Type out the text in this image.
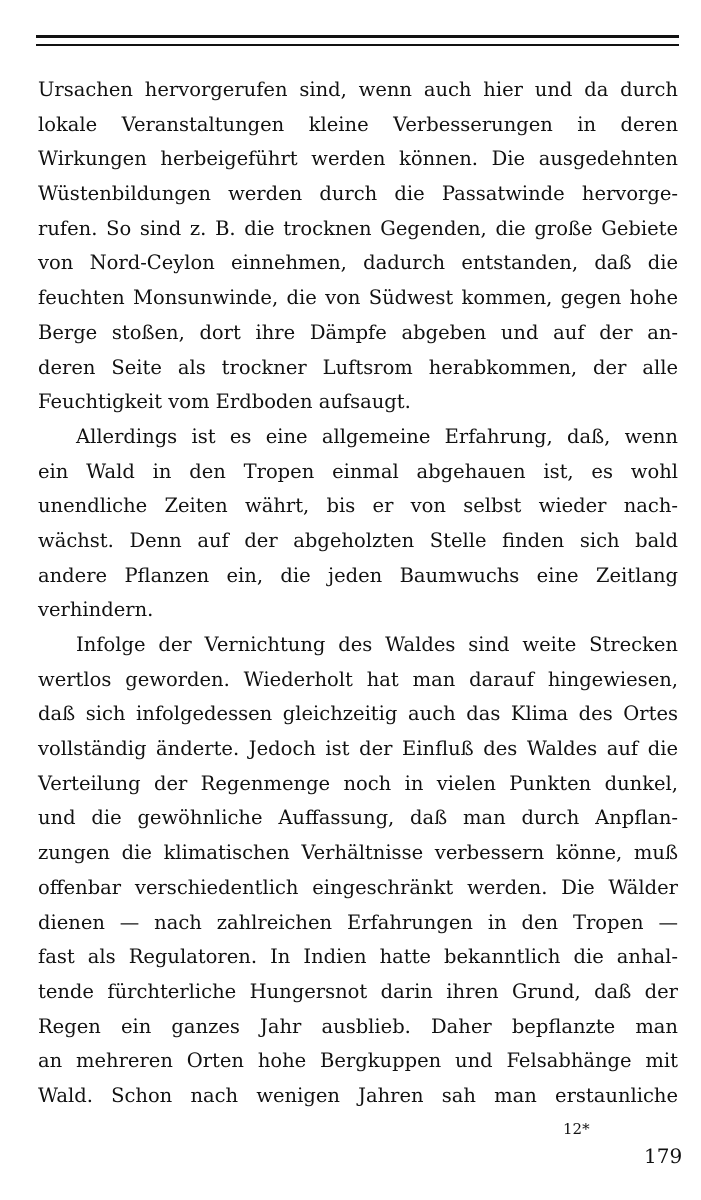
Ursachen hervorgerufen sind, wenn auch hier und da durch
lokale Veranstaltungen kleine Verbesserungen in deren
Wirkungen herbeigeführt werden können. Die ausgedehnten
Wüstenbildungen werden durch die Passatwinde hervorge-
rufen. So sind z. B. die trocknen Gegenden, die große Gebiete
von Nord-Ceylon einnehmen, dadurch entstanden, daß die
feuchten Monsunwinde, die von Südwest kommen, gegen hohe
Berge stoßen, dort ihre Dämpfe abgeben und auf der an-
deren Seite als trockner Luftsrom herabkommen, der alle
Feuchtigkeit vom Erdboden aufsaugt.
Allerdings ist es eine allgemeine Erfahrung, daß, wenn
ein Wald in den Tropen einmal abgehauen ist, es wohl
unendliche Zeiten währt, bis er von selbst wieder nach-
wächst. Denn auf der abgeholzten Stelle finden sich bald
andere Pflanzen ein, die jeden Baumwuchs eine Zeitlang
verhindern.
Infolge der Vernichtung des Waldes sind weite Strecken
wertlos geworden. Wiederholt hat man darauf hingewiesen,
daß sich infolgedessen gleichzeitig auch das Klima des Ortes
vollständig änderte. Jedoch ist der Einfluß des Waldes auf die
Verteilung der Regenmenge noch in vielen Punkten dunkel,
und die gewöhnliche Auffassung, daß man durch Anpflan-
zungen die klimatischen Verhältnisse verbessern könne, muß
offenbar verschiedentlich eingeschränkt werden. Die Wälder
dienen — nach zahlreichen Erfahrungen in den Tropen —
fast als Regulatoren. In Indien hatte bekanntlich die anhal-
tende fürchterliche Hungersnot darin ihren Grund, daß der
Regen ein ganzes Jahr ausblieb. Daher bepflanzte man
an mehreren Orten hohe Bergkuppen und Felsabhänge mit
Wald. Schon nach wenigen Jahren sah man erstaunliche
12*
179
